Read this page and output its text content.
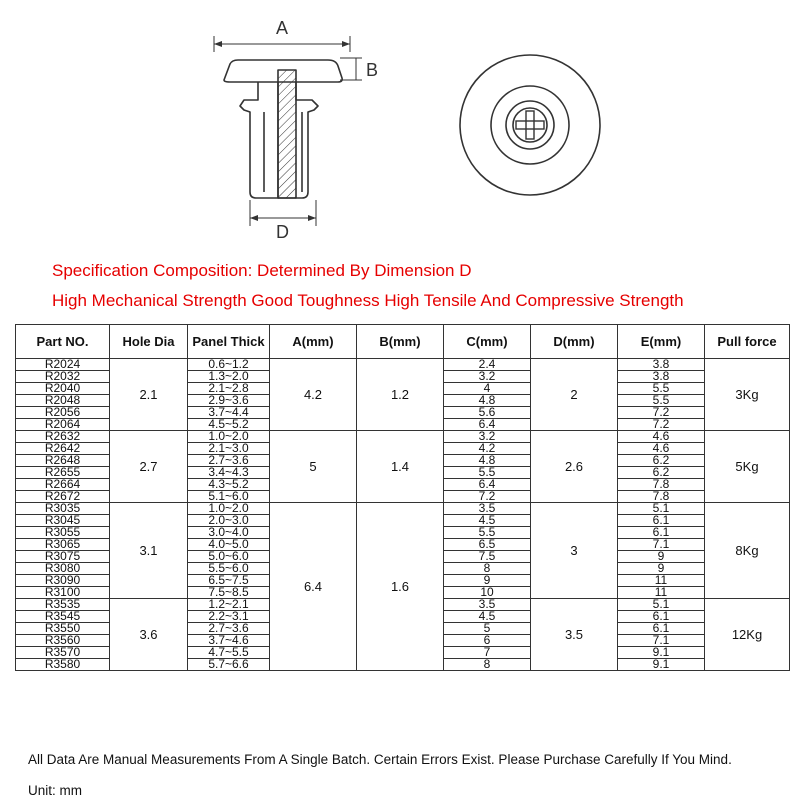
A
B
D
Specification Composition: Determined By Dimension D
High Mechanical Strength Good Toughness High Tensile And Compressive Strength
Part NO.	Hole Dia	Panel Thick	A(mm)	B(mm)	C(mm)	D(mm)	E(mm)	Pull force
R2024	2.1	0.6~1.2	4.2	1.2	2.4	2	3.8	3Kg
R2032		1.3~2.0			3.2		3.8	
R2040		2.1~2.8			4		5.5	
R2048		2.9~3.6			4.8		5.5	
R2056		3.7~4.4			5.6		7.2	
R2064		4.5~5.2			6.4		7.2	
R2632	2.7	1.0~2.0	5	1.4	3.2	2.6	4.6	5Kg
R2642		2.1~3.0			4.2		4.6	
R2648		2.7~3.6			4.8		6.2	
R2655		3.4~4.3			5.5		6.2	
R2664		4.3~5.2			6.4		7.8	
R2672		5.1~6.0			7.2		7.8	
R3035	3.1	1.0~2.0	6.4	1.6	3.5	3	5.1	8Kg
R3045		2.0~3.0			4.5		6.1	
R3055		3.0~4.0			5.5		6.1	
R3065		4.0~5.0			6.5		7.1	
R3075		5.0~6.0			7.5		9	
R3080		5.5~6.0			8		9	
R3090		6.5~7.5			9		11	
R3100		7.5~8.5			10		11	
R3535	3.6	1.2~2.1			3.5	3.5	5.1	12Kg
R3545		2.2~3.1			4.5		6.1	
R3550		2.7~3.6			5		6.1	
R3560		3.7~4.6			6		7.1	
R3570		4.7~5.5			7		9.1	
R3580		5.7~6.6			8		9.1	

All Data Are Manual Measurements From A Single Batch. Certain Errors Exist. Please Purchase Carefully If You Mind.

Unit: mm
